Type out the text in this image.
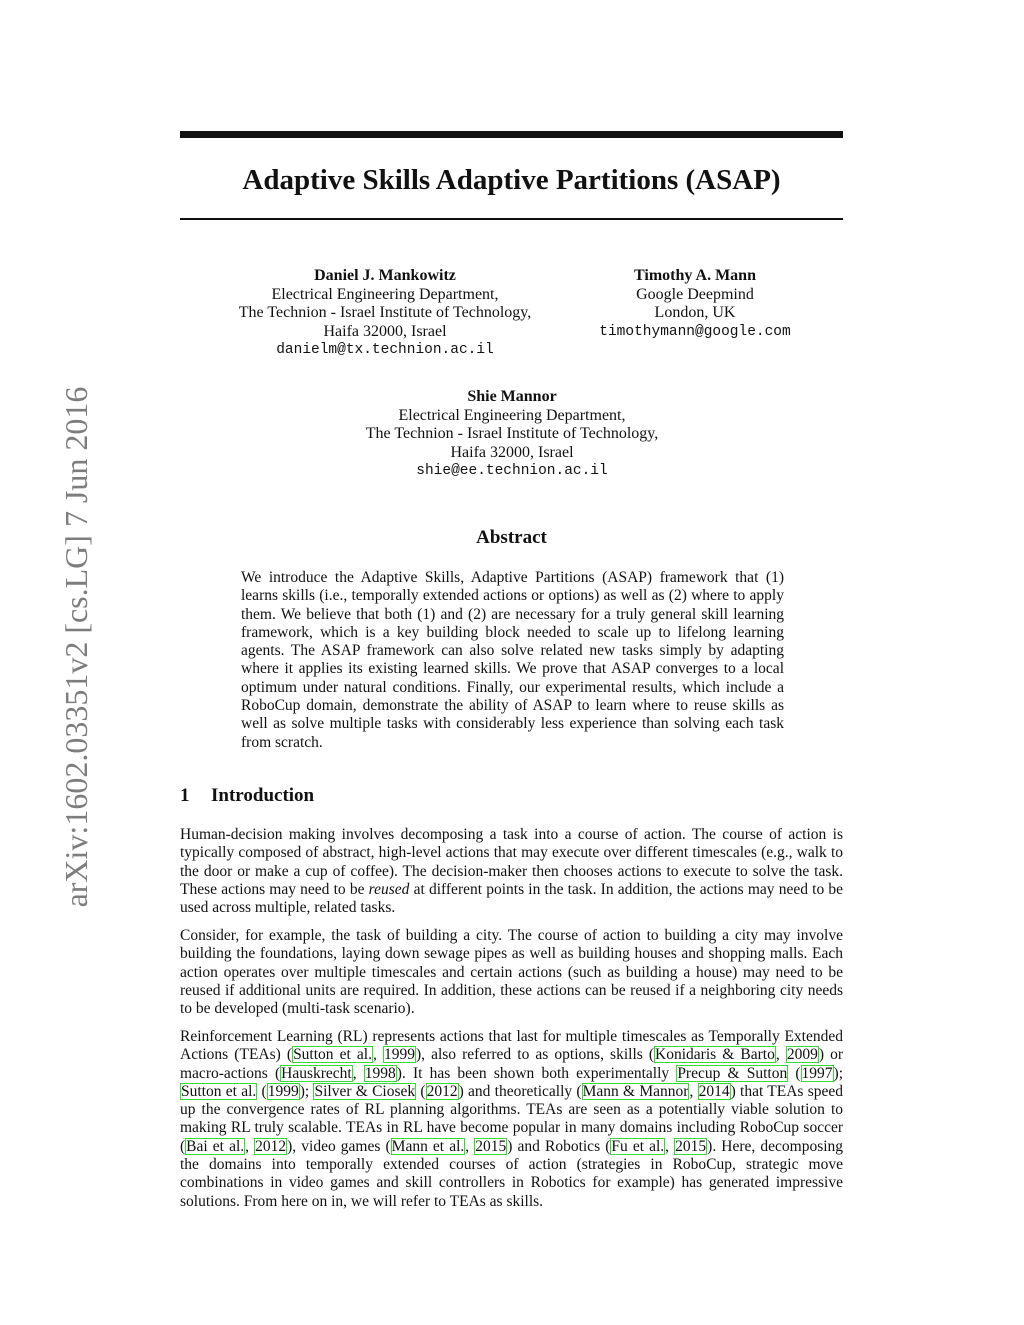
arXiv:1602.03351v2 [cs.LG] 7 Jun 2016
Adaptive Skills Adaptive Partitions (ASAP)
Daniel J. Mankowitz
Electrical Engineering Department,
The Technion - Israel Institute of Technology,
Haifa 32000, Israel
danielm@tx.technion.ac.il
Timothy A. Mann
Google Deepmind
London, UK
timothymann@google.com
Shie Mannor
Electrical Engineering Department,
The Technion - Israel Institute of Technology,
Haifa 32000, Israel
shie@ee.technion.ac.il
Abstract

We introduce the Adaptive Skills, Adaptive Partitions (ASAP) framework that (1) learns skills (i.e., temporally extended actions or options) as well as (2) where to apply them. We believe that both (1) and (2) are necessary for a truly general skill learning framework, which is a key building block needed to scale up to lifelong learning agents. The ASAP framework can also solve related new tasks simply by adapting where it applies its existing learned skills. We prove that ASAP converges to a local optimum under natural conditions. Finally, our experimental results, which include a RoboCup domain, demonstrate the ability of ASAP to learn where to reuse skills as well as solve multiple tasks with considerably less experience than solving each task from scratch.

1 Introduction

Human-decision making involves decomposing a task into a course of action. The course of action is typically composed of abstract, high-level actions that may execute over different timescales (e.g., walk to the door or make a cup of coffee). The decision-maker then chooses actions to execute to solve the task. These actions may need to be reused at different points in the task. In addition, the actions may need to be used across multiple, related tasks.

Consider, for example, the task of building a city. The course of action to building a city may involve building the foundations, laying down sewage pipes as well as building houses and shopping malls. Each action operates over multiple timescales and certain actions (such as building a house) may need to be reused if additional units are required. In addition, these actions can be reused if a neighboring city needs to be developed (multi-task scenario).

Reinforcement Learning (RL) represents actions that last for multiple timescales as Temporally Extended Actions (TEAs) (Sutton et al., 1999), also referred to as options, skills (Konidaris & Barto, 2009) or macro-actions (Hauskrecht, 1998). It has been shown both experimentally Precup & Sutton (1997); Sutton et al. (1999); Silver & Ciosek (2012) and theoretically (Mann & Mannor, 2014) that TEAs speed up the convergence rates of RL planning algorithms. TEAs are seen as a potentially viable solution to making RL truly scalable. TEAs in RL have become popular in many domains including RoboCup soccer (Bai et al., 2012), video games (Mann et al., 2015) and Robotics (Fu et al., 2015). Here, decomposing the domains into temporally extended courses of action (strategies in RoboCup, strategic move combinations in video games and skill controllers in Robotics for example) has generated impressive solutions. From here on in, we will refer to TEAs as skills.
